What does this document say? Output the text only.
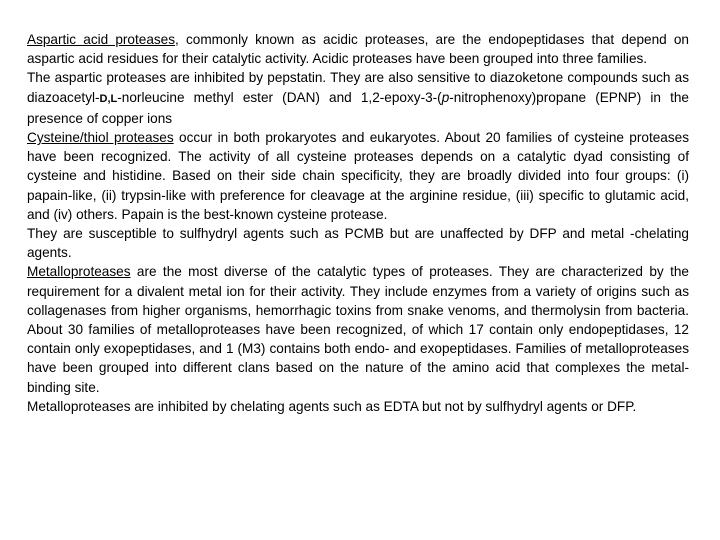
Aspartic acid proteases, commonly known as acidic proteases, are the endopeptidases that depend on aspartic acid residues for their catalytic activity. Acidic proteases have been grouped into three families.

The aspartic proteases are inhibited by pepstatin. They are also sensitive to diazoketone compounds such as diazoacetyl-D,L-norleucine methyl ester (DAN) and 1,2-epoxy-3-(p-nitrophenoxy)propane (EPNP) in the presence of copper ions

Cysteine/thiol proteases occur in both prokaryotes and eukaryotes. About 20 families of cysteine proteases have been recognized. The activity of all cysteine proteases depends on a catalytic dyad consisting of cysteine and histidine. Based on their side chain specificity, they are broadly divided into four groups: (i) papain-like, (ii) trypsin-like with preference for cleavage at the arginine residue, (iii) specific to glutamic acid, and (iv) others. Papain is the best-known cysteine protease.

They are susceptible to sulfhydryl agents such as PCMB but are unaffected by DFP and metal -chelating agents.

Metalloproteases are the most diverse of the catalytic types of proteases. They are characterized by the requirement for a divalent metal ion for their activity. They include enzymes from a variety of origins such as collagenases from higher organisms, hemorrhagic toxins from snake venoms, and thermolysin from bacteria. About 30 families of metalloproteases have been recognized, of which 17 contain only endopeptidases, 12 contain only exopeptidases, and 1 (M3) contains both endo- and exopeptidases. Families of metalloproteases have been grouped into different clans based on the nature of the amino acid that complexes the metal-binding site.

Metalloproteases are inhibited by chelating agents such as EDTA but not by sulfhydryl agents or DFP.
